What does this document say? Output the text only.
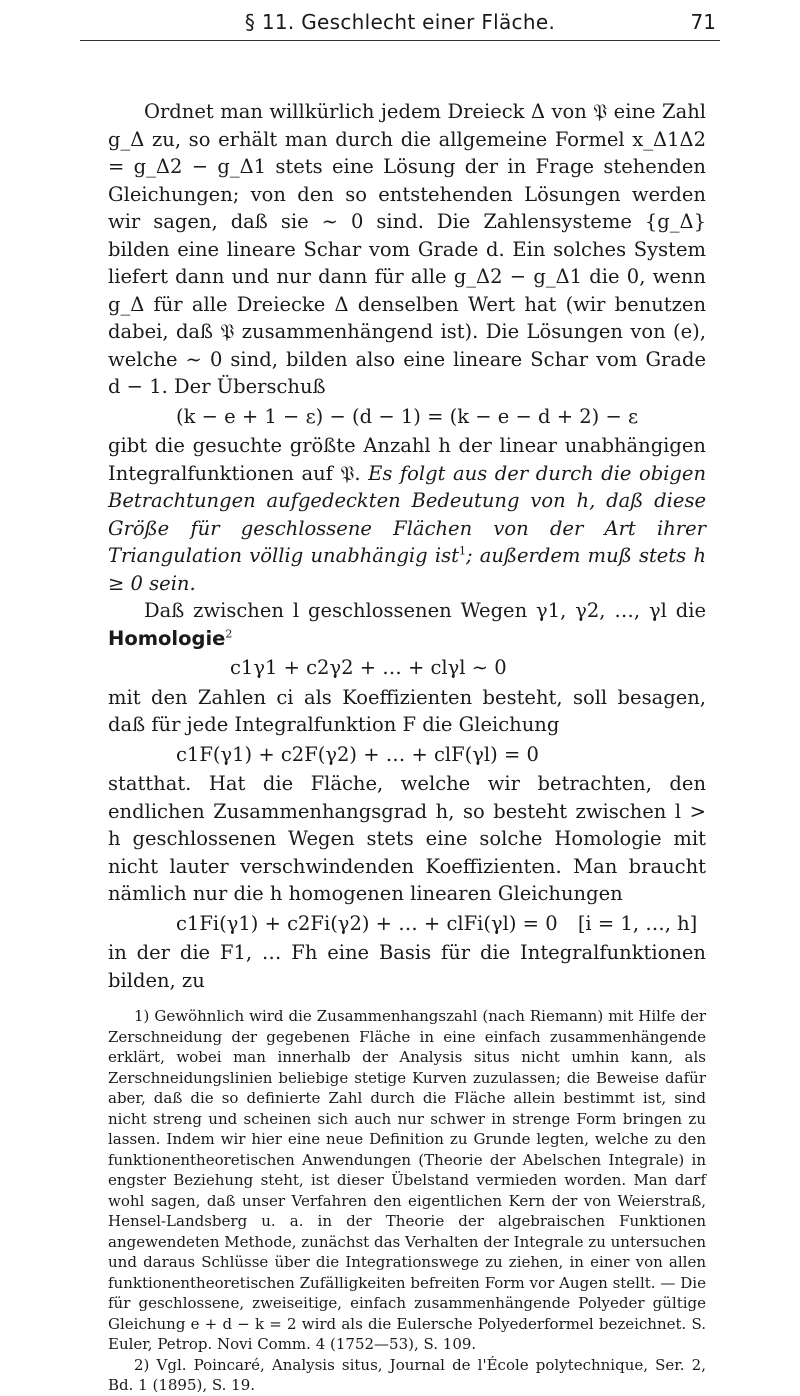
§ 11. Geschlecht einer Fläche.	71

Ordnet man willkürlich jedem Dreieck Δ von 𝔓 eine Zahl g_Δ zu, so erhält man durch die allgemeine Formel x_Δ1Δ2 = g_Δ2 − g_Δ1 stets eine Lösung der in Frage stehenden Gleichungen; von den so entstehenden Lösungen werden wir sagen, daß sie ∼ 0 sind. Die Zahlensysteme {g_Δ} bilden eine lineare Schar vom Grade d. Ein solches System liefert dann und nur dann für alle g_Δ2 − g_Δ1 die 0, wenn g_Δ für alle Dreiecke Δ denselben Wert hat (wir benutzen dabei, daß 𝔓 zusammenhängend ist). Die Lösungen von (e), welche ∼ 0 sind, bilden also eine lineare Schar vom Grade d − 1. Der Überschuß

(k − e + 1 − ε) − (d − 1) = (k − e − d + 2) − ε

gibt die gesuchte größte Anzahl h der linear unabhängigen Integralfunktionen auf 𝔓. Es folgt aus der durch die obigen Betrachtungen aufgedeckten Bedeutung von h, daß diese Größe für geschlossene Flächen von der Art ihrer Triangulation völlig unabhängig ist$^1$; außerdem muß stets h ≥ 0 sein.

Daß zwischen l geschlossenen Wegen γ1, γ2, …, γl die Homologie$^2$

c1γ1 + c2γ2 + … + clγl ∼ 0

mit den Zahlen ci als Koeffizienten besteht, soll besagen, daß für jede Integralfunktion F die Gleichung

c1F(γ1) + c2F(γ2) + … + clF(γl) = 0

statthat. Hat die Fläche, welche wir betrachten, den endlichen Zusammenhangsgrad h, so besteht zwischen l > h geschlossenen Wegen stets eine solche Homologie mit nicht lauter verschwindenden Koeffizienten. Man braucht nämlich nur die h homogenen linearen Gleichungen

c1Fi(γ1) + c2Fi(γ2) + … + clFi(γl) = 0 [i = 1, …, h]

in der die F1, … Fh eine Basis für die Integralfunktionen bilden, zu

1) Gewöhnlich wird die Zusammenhangszahl (nach Riemann) mit Hilfe der Zerschneidung der gegebenen Fläche in eine einfach zusammenhängende erklärt, wobei man innerhalb der Analysis situs nicht umhin kann, als Zerschneidungslinien beliebige stetige Kurven zuzulassen; die Beweise dafür aber, daß die so definierte Zahl durch die Fläche allein bestimmt ist, sind nicht streng und scheinen sich auch nur schwer in strenge Form bringen zu lassen. Indem wir hier eine neue Definition zu Grunde legten, welche zu den funktionentheoretischen Anwendungen (Theorie der Abelschen Integrale) in engster Beziehung steht, ist dieser Übelstand vermieden worden. Man darf wohl sagen, daß unser Verfahren den eigentlichen Kern der von Weierstraß, Hensel-Landsberg u. a. in der Theorie der algebraischen Funktionen angewendeten Methode, zunächst das Verhalten der Integrale zu untersuchen und daraus Schlüsse über die Integrationswege zu ziehen, in einer von allen funktionentheoretischen Zufälligkeiten befreiten Form vor Augen stellt. — Die für geschlossene, zweiseitige, einfach zusammenhängende Polyeder gültige Gleichung e + d − k = 2 wird als die Eulersche Polyederformel bezeichnet. S. Euler, Petrop. Novi Comm. 4 (1752—53), S. 109.

2) Vgl. Poincaré, Analysis situs, Journal de l'École polytechnique, Ser. 2, Bd. 1 (1895), S. 19.
